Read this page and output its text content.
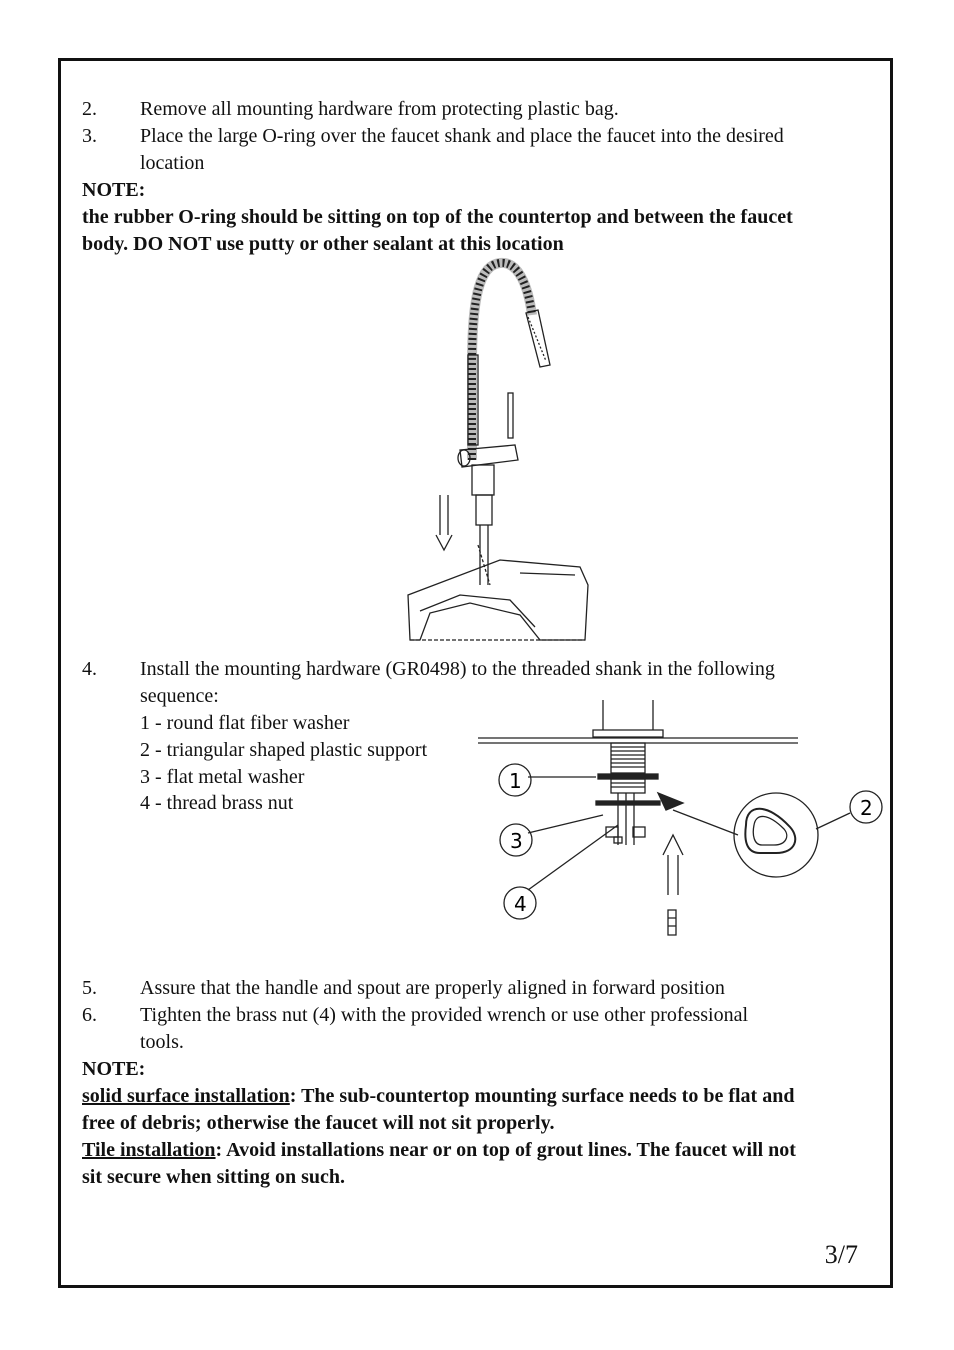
2. Remove all mounting hardware from protecting plastic bag.
3. Place the large O-ring over the faucet shank and place the faucet into the desired
location
NOTE:
the rubber O-ring should be sitting on top of the countertop and between the faucet
body. DO NOT use putty or other sealant at this location
4. Install the mounting hardware (GR0498) to the threaded shank in the following
sequence:
1 - round flat fiber washer
2 - triangular shaped plastic support
3 - flat metal washer
4 - thread brass nut
1
3
4
2
5. Assure that the handle and spout are properly aligned in forward position
6. Tighten the brass nut (4) with the provided wrench or use other professional
tools.
NOTE:
solid surface installation: The sub-countertop mounting surface needs to be flat and
free of debris; otherwise the faucet will not sit properly.
Tile installation: Avoid installations near or on top of grout lines. The faucet will not
sit secure when sitting on such.
3/7
